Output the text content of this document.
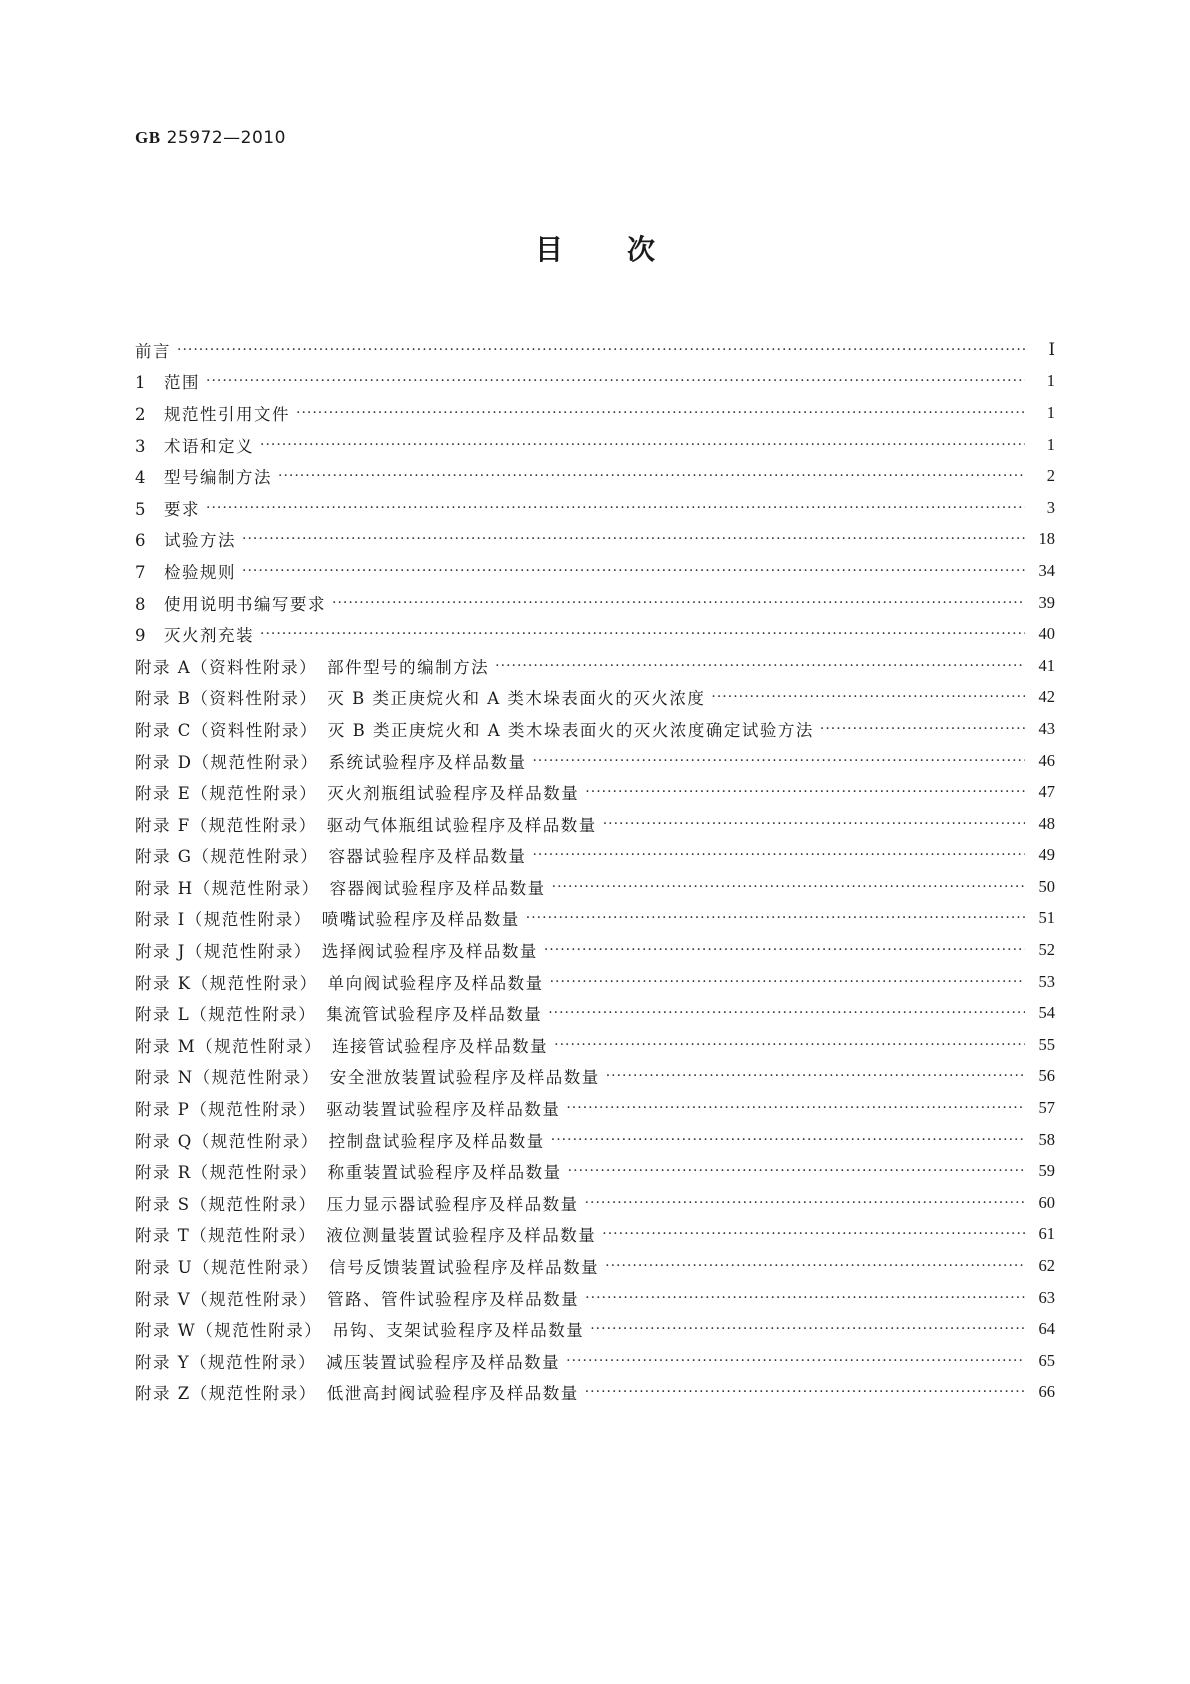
GB 25972—2010
目次
前言 ·····	Ⅰ
1 范围 ·····	1
2 规范性引用文件 ·····	1
3 术语和定义 ·····	1
4 型号编制方法 ·····	2
5 要求 ·····	3
6 试验方法 ·····	18
7 检验规则 ·····	34
8 使用说明书编写要求 ·····	39
9 灭火剂充装 ·····	40
附录 A（资料性附录） 部件型号的编制方法 ·····	41
附录 B（资料性附录） 灭 B 类正庚烷火和 A 类木垛表面火的灭火浓度 ·····	42
附录 C（资料性附录） 灭 B 类正庚烷火和 A 类木垛表面火的灭火浓度确定试验方法 ·····	43
附录 D（规范性附录） 系统试验程序及样品数量 ·····	46
附录 E（规范性附录） 灭火剂瓶组试验程序及样品数量 ·····	47
附录 F（规范性附录） 驱动气体瓶组试验程序及样品数量 ·····	48
附录 G（规范性附录） 容器试验程序及样品数量 ·····	49
附录 H（规范性附录） 容器阀试验程序及样品数量 ·····	50
附录 I（规范性附录） 喷嘴试验程序及样品数量 ·····	51
附录 J（规范性附录） 选择阀试验程序及样品数量 ·····	52
附录 K（规范性附录） 单向阀试验程序及样品数量 ·····	53
附录 L（规范性附录） 集流管试验程序及样品数量 ·····	54
附录 M（规范性附录） 连接管试验程序及样品数量 ·····	55
附录 N（规范性附录） 安全泄放装置试验程序及样品数量 ·····	56
附录 P（规范性附录） 驱动装置试验程序及样品数量 ·····	57
附录 Q（规范性附录） 控制盘试验程序及样品数量 ·····	58
附录 R（规范性附录） 称重装置试验程序及样品数量 ·····	59
附录 S（规范性附录） 压力显示器试验程序及样品数量 ·····	60
附录 T（规范性附录） 液位测量装置试验程序及样品数量 ·····	61
附录 U（规范性附录） 信号反馈装置试验程序及样品数量 ·····	62
附录 V（规范性附录） 管路、管件试验程序及样品数量 ·····	63
附录 W（规范性附录） 吊钩、支架试验程序及样品数量 ·····	64
附录 Y（规范性附录） 减压装置试验程序及样品数量 ·····	65
附录 Z（规范性附录） 低泄高封阀试验程序及样品数量 ·····	66
